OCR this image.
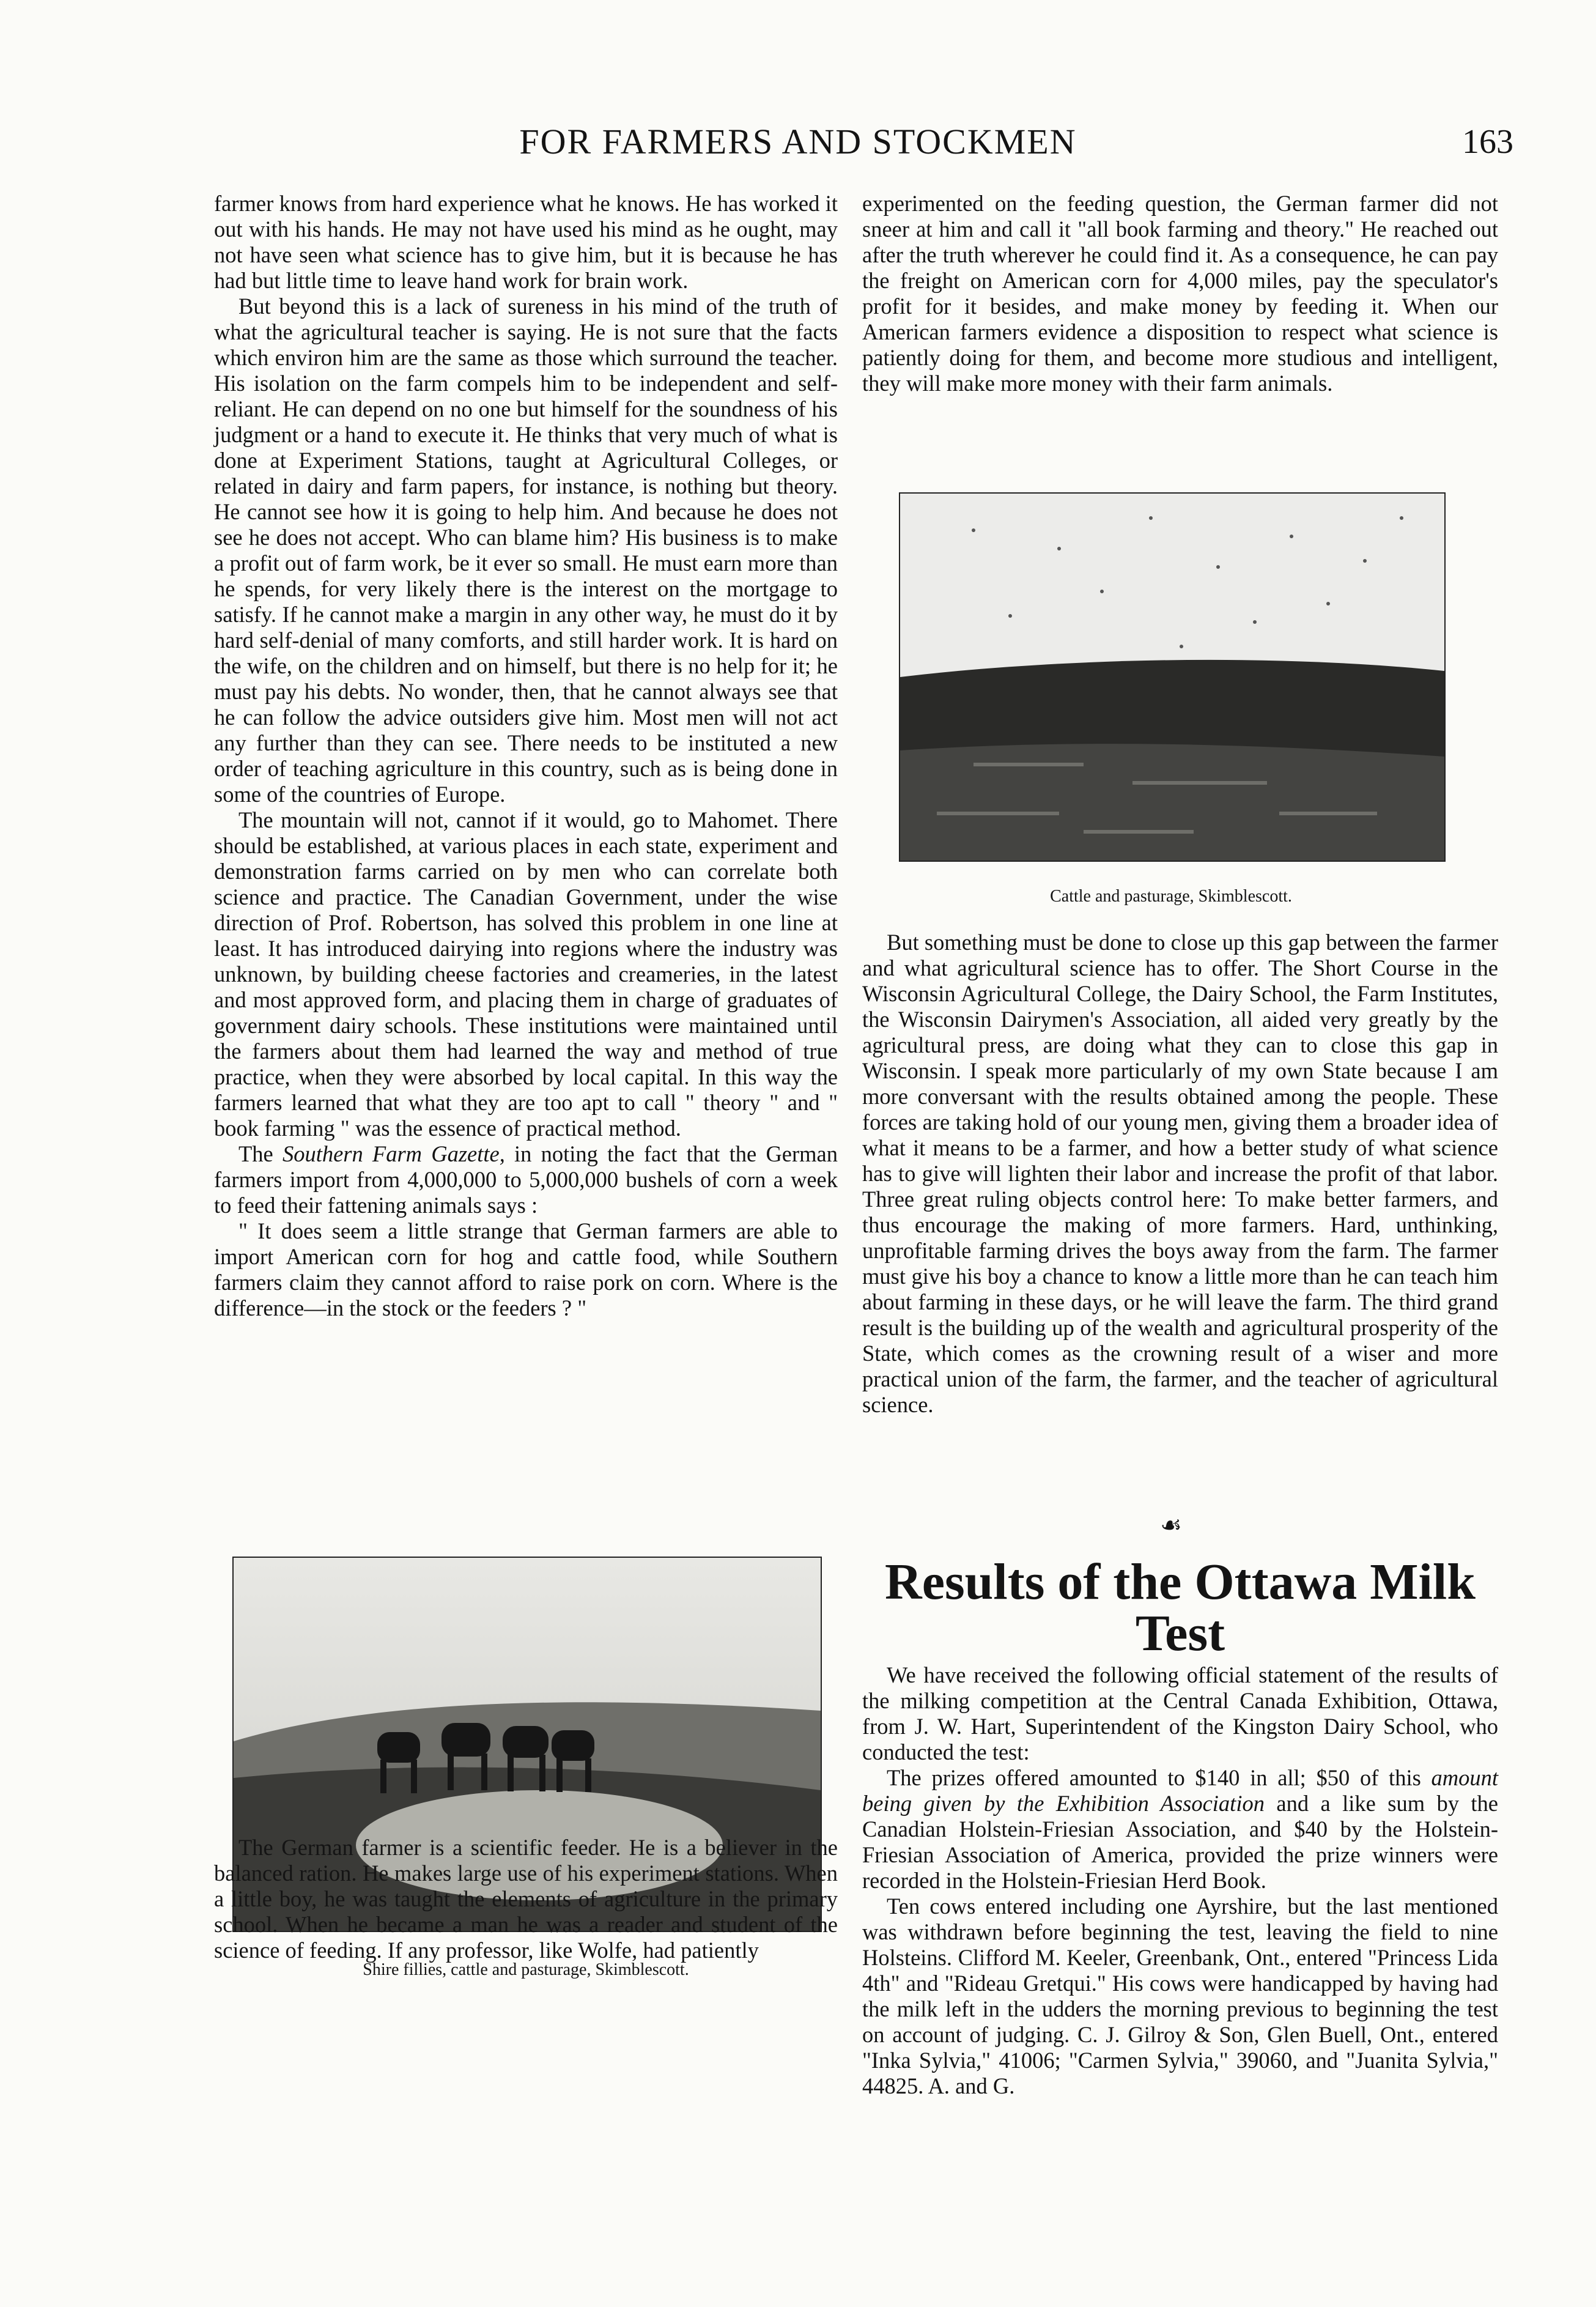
FOR FARMERS AND STOCKMEN	163

farmer knows from hard experience what he knows. He has worked it out with his hands. He may not have used his mind as he ought, may not have seen what science has to give him, but it is because he has had but little time to leave hand work for brain work.

But beyond this is a lack of sureness in his mind of the truth of what the agricultural teacher is saying. He is not sure that the facts which environ him are the same as those which surround the teacher. His isolation on the farm compels him to be independent and self-reliant. He can depend on no one but himself for the soundness of his judgment or a hand to execute it. He thinks that very much of what is done at Experiment Stations, taught at Agricultural Colleges, or related in dairy and farm papers, for instance, is nothing but theory. He cannot see how it is going to help him. And because he does not see he does not accept. Who can blame him? His business is to make a profit out of farm work, be it ever so small. He must earn more than he spends, for very likely there is the interest on the mortgage to satisfy. If he cannot make a margin in any other way, he must do it by hard self-denial of many comforts, and still harder work. It is hard on the wife, on the children and on himself, but there is no help for it; he must pay his debts. No wonder, then, that he cannot always see that he can follow the advice outsiders give him. Most men will not act any further than they can see. There needs to be instituted a new order of teaching agriculture in this country, such as is being done in some of the countries of Europe.

The mountain will not, cannot if it would, go to Mahomet. There should be established, at various places in each state, experiment and demonstration farms carried on by men who can correlate both science and practice. The Canadian Government, under the wise direction of Prof. Robertson, has solved this problem in one line at least. It has introduced dairying into regions where the industry was unknown, by building cheese factories and creameries, in the latest and most approved form, and placing them in charge of graduates of government dairy schools. These institutions were maintained until the farmers about them had learned the way and method of true practice, when they were absorbed by local capital. In this way the farmers learned that what they are too apt to call " theory " and " book farming " was the essence of practical method.

The Southern Farm Gazette, in noting the fact that the German farmers import from 4,000,000 to 5,000,000 bushels of corn a week to feed their fattening animals says :

" It does seem a little strange that German farmers are able to import American corn for hog and cattle food, while Southern farmers claim they cannot afford to raise pork on corn. Where is the difference—in the stock or the feeders ? "

Shire fillies, cattle and pasturage, Skimblescott.

The German farmer is a scientific feeder. He is a believer in the balanced ration. He makes large use of his experiment stations. When a little boy, he was taught the elements of agriculture in the primary school. When he became a man he was a reader and student of the science of feeding. If any professor, like Wolfe, had patiently

experimented on the feeding question, the German farmer did not sneer at him and call it "all book farming and theory." He reached out after the truth wherever he could find it. As a consequence, he can pay the freight on American corn for 4,000 miles, pay the speculator's profit for it besides, and make money by feeding it. When our American farmers evidence a disposition to respect what science is patiently doing for them, and become more studious and intelligent, they will make more money with their farm animals.

Cattle and pasturage, Skimblescott.

But something must be done to close up this gap between the farmer and what agricultural science has to offer. The Short Course in the Wisconsin Agricultural College, the Dairy School, the Farm Institutes, the Wisconsin Dairymen's Association, all aided very greatly by the agricultural press, are doing what they can to close this gap in Wisconsin. I speak more particularly of my own State because I am more conversant with the results obtained among the people. These forces are taking hold of our young men, giving them a broader idea of what it means to be a farmer, and how a better study of what science has to give will lighten their labor and increase the profit of that labor. Three great ruling objects control here: To make better farmers, and thus encourage the making of more farmers. Hard, unthinking, unprofitable farming drives the boys away from the farm. The farmer must give his boy a chance to know a little more than he can teach him about farming in these days, or he will leave the farm. The third grand result is the building up of the wealth and agricultural prosperity of the State, which comes as the crowning result of a wiser and more practical union of the farm, the farmer, and the teacher of agricultural science.

☙
Results of the Ottawa Milk Test

We have received the following official statement of the results of the milking competition at the Central Canada Exhibition, Ottawa, from J. W. Hart, Superintendent of the Kingston Dairy School, who conducted the test:

The prizes offered amounted to $140 in all; $50 of this amount being given by the Exhibition Association and a like sum by the Canadian Holstein-Friesian Association, and $40 by the Holstein-Friesian Association of America, provided the prize winners were recorded in the Holstein-Friesian Herd Book.

Ten cows entered including one Ayrshire, but the last mentioned was withdrawn before beginning the test, leaving the field to nine Holsteins. Clifford M. Keeler, Greenbank, Ont., entered "Princess Lida 4th" and "Rideau Gretqui." His cows were handicapped by having had the milk left in the udders the morning previous to beginning the test on account of judging. C. J. Gilroy & Son, Glen Buell, Ont., entered "Inka Sylvia," 41006; "Carmen Sylvia," 39060, and "Juanita Sylvia," 44825. A. and G.
